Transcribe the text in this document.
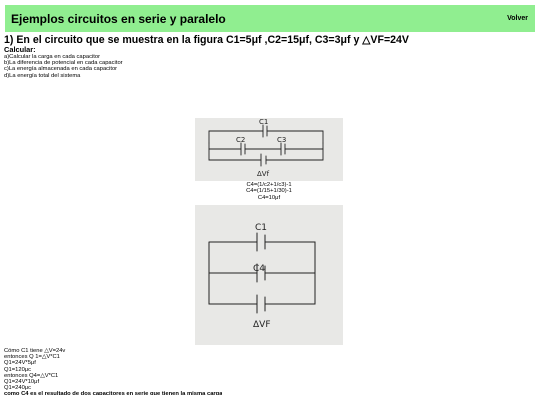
Ejemplos circuitos en serie y paralelo	Volver
1) En el circuito que se muestra en la figura C1=5μf ,C2=15μf, C3=3μf y △VF=24V
Calcular:
a)Calcular la carga en cada capacitor
b)La diferencia de potencial en cada capacitor
c)La energía almacenada en cada capacitor
d)La energía total del sistema
C1
C2	C3
ΔVf
C4=(1/c2+1/c3)-1
C4=(1/15+1/30)-1
C4=10μf
C1
C4
ΔVF
Cómo C1 tiene △V=24v
entonces Q 1=△V*C1
Q1=24V*5μf
Q1=120μc
entonces Q4=△V*C1
Q1=24V*10μf
Q1=240μc
como C4 es el resultado de dos capacitores en serie que tienen la misma carga
